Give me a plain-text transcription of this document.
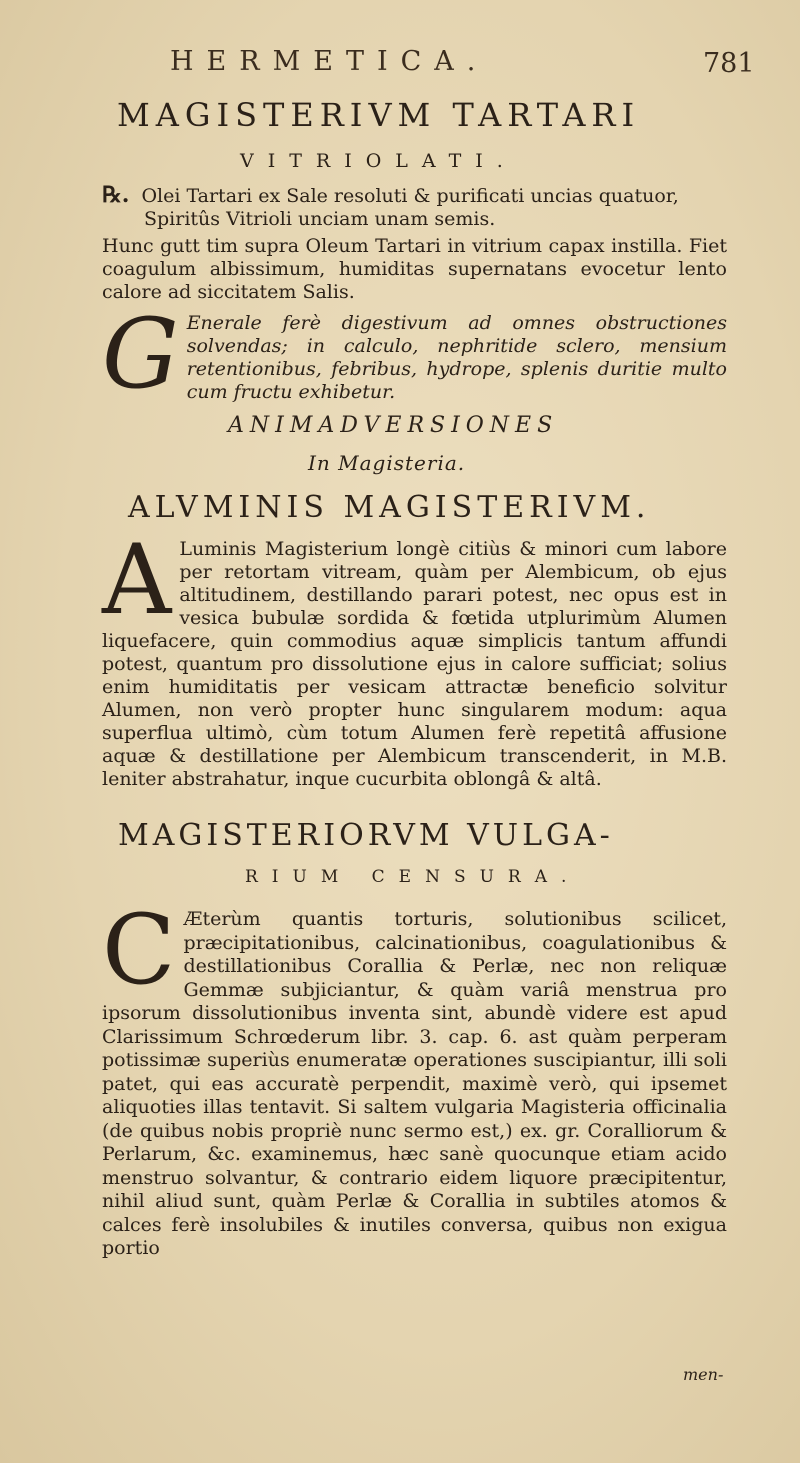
HERMETICA.	781
MAGISTERIVM TARTARI
VITRIOLATI.
℞. Olei Tartari ex Sale resoluti & purificati uncias quatuor,
Spiritûs Vitrioli unciam unam semis.
Hunc gutt tim supra Oleum Tartari in vitrium capax instilla. Fiet coagulum albissimum, humiditas supernatans evocetur lento calore ad siccitatem Salis.
G Enerale ferè digestivum ad omnes obstructiones solvendas; in calculo, nephritide sclero, mensium retentionibus, febribus, hydrope, splenis duritie multo cum fructu exhibetur.
ANIMADVERSIONES
In Magisteria.
ALVMINIS MAGISTERIVM.
A Luminis Magisterium longè citiùs & minori cum labore per retortam vitream, quàm per Alembicum, ob ejus altitudinem, destillando parari potest, nec opus est in vesica bubulæ sordida & fœtida utplurimùm Alumen liquefacere, quin commodius aquæ simplicis tantum affundi potest, quantum pro dissolutione ejus in calore sufficiat; solius enim humiditatis per vesicam attractæ beneficio solvitur Alumen, non verò propter hunc singularem modum: aqua superflua ultimò, cùm totum Alumen ferè repetitâ affusione aquæ & destillatione per Alembicum transcenderit, in M.B. leniter abstrahatur, inque cucurbita oblongâ & altâ.
MAGISTERIORVM VULGA-
RIUM CENSURA.
C Æterùm quantis torturis, solutionibus scilicet, præcipitationibus, calcinationibus, coagulationibus & destillationibus Corallia & Perlæ, nec non reliquæ Gemmæ subjiciantur, & quàm variâ menstrua pro ipsorum dissolutionibus inventa sint, abundè videre est apud Clarissimum Schrœderum libr. 3. cap. 6. ast quàm perperam potissimæ superiùs enumeratæ operationes suscipiantur, illi soli patet, qui eas accuratè perpendit, maximè verò, qui ipsemet aliquoties illas tentavit. Si saltem vulgaria Magisteria officinalia (de quibus nobis propriè nunc sermo est,) ex. gr. Coralliorum & Perlarum, &c. examinemus, hæc sanè quocunque etiam acido menstruo solvantur, & contrario eidem liquore præcipitentur, nihil aliud sunt, quàm Perlæ & Corallia in subtiles atomos & calces ferè insolubiles & inutiles conversa, quibus non exigua portio
men-
